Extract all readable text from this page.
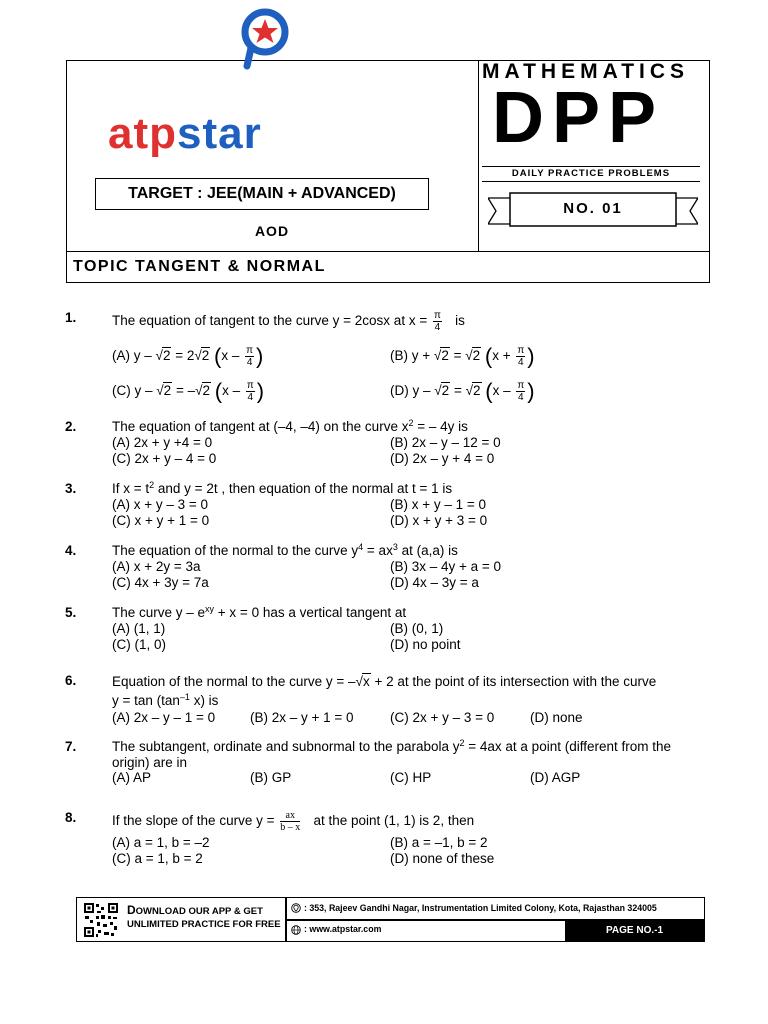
atpstar
TARGET : JEE(MAIN + ADVANCED)
AOD
MATHEMATICS
DPP
DAILY PRACTICE PROBLEMS
NO. 01
TOPIC TANGENT & NORMAL
1.	The equation of tangent to the curve y = 2cosx at $x = \frac{\pi}{4}$ is
(A) y – √2 = 2√2 ($x - \frac{\pi}{4}$ )	(B) y + √2 = √2 ($x + \frac{\pi}{4}$ )
(C) y – √2 = –√2 ($x - \frac{\pi}{4}$ )	(D) y – √2 = √2 ($x - \frac{\pi}{4}$ )
2.	The equation of tangent at (–4, –4) on the curve $x^2$ = – 4y is
(A) 2x + y +4 = 0	(B) 2x – y – 12 = 0
(C) 2x + y – 4 = 0	(D) 2x – y + 4 = 0
3.	If $x = t^2$ and y = 2t , then equation of the normal at t = 1 is
(A) x + y – 3 = 0	(B) x + y – 1 = 0
(C) x + y + 1 = 0	(D) x + y + 3 = 0
4.	The equation of the normal to the curve $y^4 = ax^3$ at (a,a) is
(A) x + 2y = 3a	(B) 3x – 4y + a = 0
(C) 4x + 3y = 7a	(D) 4x – 3y = a
5.	The curve $y - e^{xy} + x = 0$ has a vertical tangent at
(A) (1, 1)	(B) (0, 1)
(C) (1, 0)	(D) no point
6.	Equation of the normal to the curve y = –√x + 2 at the point of its intersection with the curve
$y = \tan (\tan^{-1}$ x) is
(A) 2x – y – 1 = 0	(B) 2x – y + 1 = 0	(C) 2x + y – 3 = 0	(D) none
7.	The subtangent, ordinate and subnormal to the parabola $y^2 = 4ax$ at a point (different from the
origin) are in
(A) AP	(B) GP	(C) HP	(D) AGP
8.	If the slope of the curve $y = \frac{ax}{b - x}$ at the point (1, 1) is 2, then
(A) a = 1, b = –2	(B) a = –1, b = 2
(C) a = 1, b = 2	(D) none of these
DOWNLOAD OUR APP & GET
UNLIMITED PRACTICE FOR FREE
: 353, Rajeev Gandhi Nagar, Instrumentation Limited Colony, Kota, Rajasthan 324005
: www.atpstar.com	PAGE NO.-1
